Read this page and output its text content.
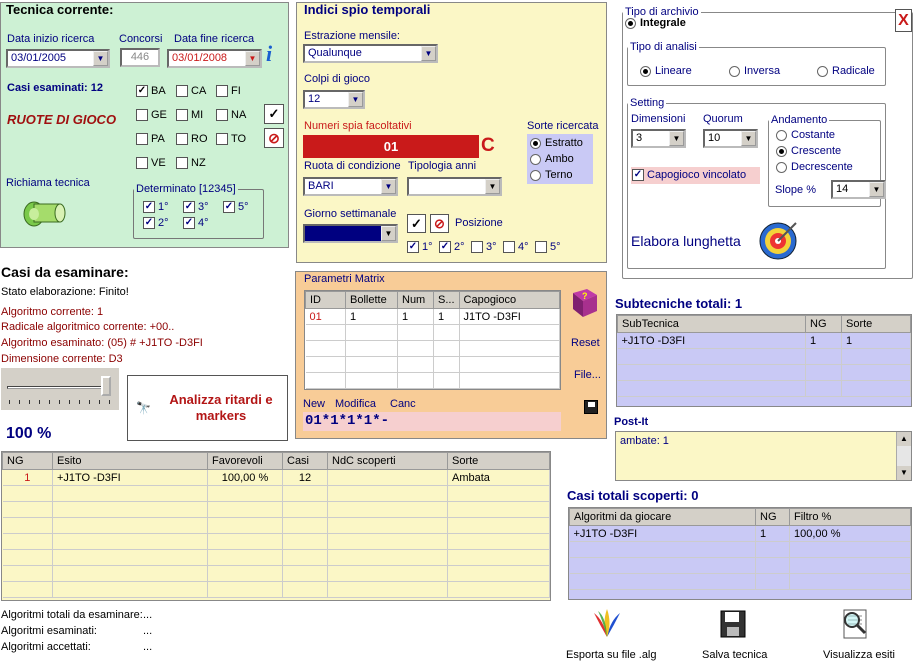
Tecnica corrente:
Data inizio ricerca
03/01/2005	▼
Concorsi
446
Data fine ricerca
03/01/2008	▼ i
Casi esaminati: 12
RUOTE DI GIOCO
Richiama tecnica
✓ BA CA FI
GE MI	NA
PA RO TO
VE NZ
✓
⊘
Determinato [12345]
✓ 1° ✓ 3° ✓ 5°
✓ 2° ✓ 4°
Indici spio temporali
Estrazione mensile:
Qualunque	▼
Colpi di gioco
12	▼
Numeri spia facoltativi
01	C
Sorte ricercata
Estratto
Ambo
Terno
Ruota di condizione
BARI	▼
Tipologia anni
▼
Giorno settimanale
▼
✓ ⊘ Posizione
✓ 1° ✓ 2° 3° 4° 5°
Tipo di archivio
Integrale	X
Tipo di analisi
Lineare	Inversa	Radicale
Setting
Dimensioni
3	▼
Quorum
10	▼
Andamento
Costante
Crescente
Decrescente
✓ Capogioco vincolato
Slope %	14	▼
Elabora lunghetta
Parametri Matrix
ID	Bollette	Num	S...	Capogioco
01	1	1	1	J1TO -D3FI

?
Reset
File...
New Modifica Canc
01*1*1*1*-
Casi da esaminare:
Stato elaborazione: Finito!
Algoritmo corrente: 1
Radicale algoritmico corrente: +00..
Algoritmo esaminato: (05) # +J1TO -D3FI
Dimensione corrente: D3
100 %
🔭
Analizza ritardi e markers
NG	Esito	Favorevoli	Casi	NdC scoperti	Sorte
1	+J1TO -D3FI	100,00 %	12		Ambata

Subtecniche totali: 1
SubTecnica	NG	Sorte
+J1TO -D3FI	1	1

Post-It
ambate: 1	▲
▼
Casi totali scoperti: 0
Algoritmi da giocare	NG	Filtro %
+J1TO -D3FI	1	100,00 %

Algoritmi totali da esaminare: ...
Algoritmi esaminati:	...
Algoritmi accettati:	...
Esporta su file .alg	Salva tecnica	Visualizza esiti
